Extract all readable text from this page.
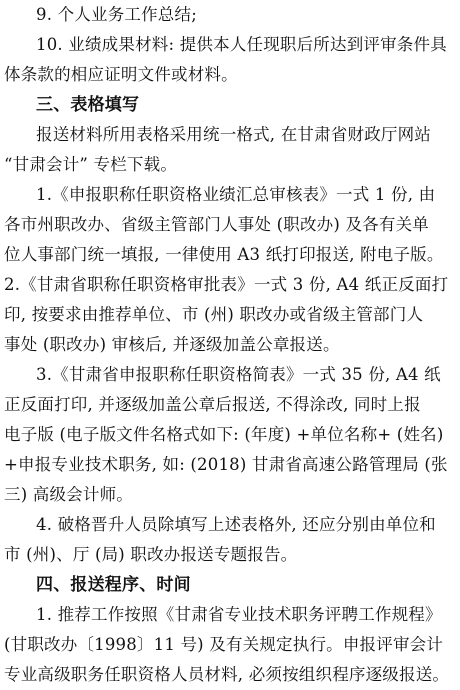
9. 个人业务工作总结;
10. 业绩成果材料: 提供本人任现职后所达到评审条件具
体条款的相应证明文件或材料。
三、表格填写
报送材料所用表格采用统一格式, 在甘肃省财政厅网站
“甘肃会计” 专栏下载。
1.《申报职称任职资格业绩汇总审核表》一式 1 份, 由
各市州职改办、省级主管部门人事处 (职改办) 及各有关单
位人事部门统一填报, 一律使用 A3 纸打印报送, 附电子版。
2.《甘肃省职称任职资格审批表》一式 3 份, A4 纸正反面打
印, 按要求由推荐单位、市 (州) 职改办或省级主管部门人
事处 (职改办) 审核后, 并逐级加盖公章报送。
3.《甘肃省申报职称任职资格简表》一式 35 份, A4 纸
正反面打印, 并逐级加盖公章后报送, 不得涂改, 同时上报
电子版 (电子版文件名格式如下: (年度) +单位名称+ (姓名)
+申报专业技术职务, 如: (2018) 甘肃省高速公路管理局 (张
三) 高级会计师。
4. 破格晋升人员除填写上述表格外, 还应分别由单位和
市 (州)、厅 (局) 职改办报送专题报告。
四、报送程序、时间
1. 推荐工作按照《甘肃省专业技术职务评聘工作规程》
(甘职改办〔1998〕11 号) 及有关规定执行。申报评审会计
专业高级职务任职资格人员材料, 必须按组织程序逐级报送。
